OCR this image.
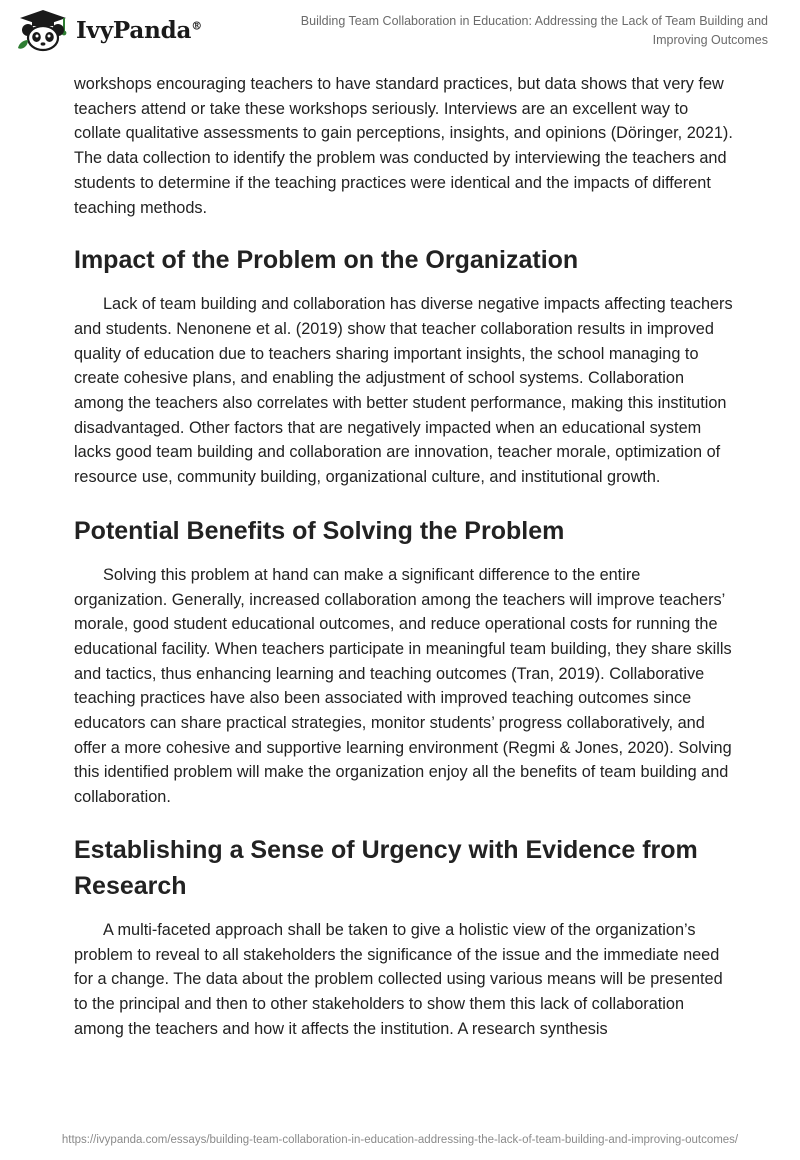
IvyPanda®	Building Team Collaboration in Education: Addressing the Lack of Team Building and Improving Outcomes

workshops encouraging teachers to have standard practices, but data shows that very few teachers attend or take these workshops seriously. Interviews are an excellent way to collate qualitative assessments to gain perceptions, insights, and opinions (Döringer, 2021). The data collection to identify the problem was conducted by interviewing the teachers and students to determine if the teaching practices were identical and the impacts of different teaching methods.

Impact of the Problem on the Organization

Lack of team building and collaboration has diverse negative impacts affecting teachers and students. Nenonene et al. (2019) show that teacher collaboration results in improved quality of education due to teachers sharing important insights, the school managing to create cohesive plans, and enabling the adjustment of school systems. Collaboration among the teachers also correlates with better student performance, making this institution disadvantaged. Other factors that are negatively impacted when an educational system lacks good team building and collaboration are innovation, teacher morale, optimization of resource use, community building, organizational culture, and institutional growth.

Potential Benefits of Solving the Problem

Solving this problem at hand can make a significant difference to the entire organization. Generally, increased collaboration among the teachers will improve teachers’ morale, good student educational outcomes, and reduce operational costs for running the educational facility. When teachers participate in meaningful team building, they share skills and tactics, thus enhancing learning and teaching outcomes (Tran, 2019). Collaborative teaching practices have also been associated with improved teaching outcomes since educators can share practical strategies, monitor students’ progress collaboratively, and offer a more cohesive and supportive learning environment (Regmi & Jones, 2020). Solving this identified problem will make the organization enjoy all the benefits of team building and collaboration.

Establishing a Sense of Urgency with Evidence from Research

A multi-faceted approach shall be taken to give a holistic view of the organization’s problem to reveal to all stakeholders the significance of the issue and the immediate need for a change. The data about the problem collected using various means will be presented to the principal and then to other stakeholders to show them this lack of collaboration among the teachers and how it affects the institution. A research synthesis

https://ivypanda.com/essays/building-team-collaboration-in-education-addressing-the-lack-of-team-building-and-improving-outcomes/
